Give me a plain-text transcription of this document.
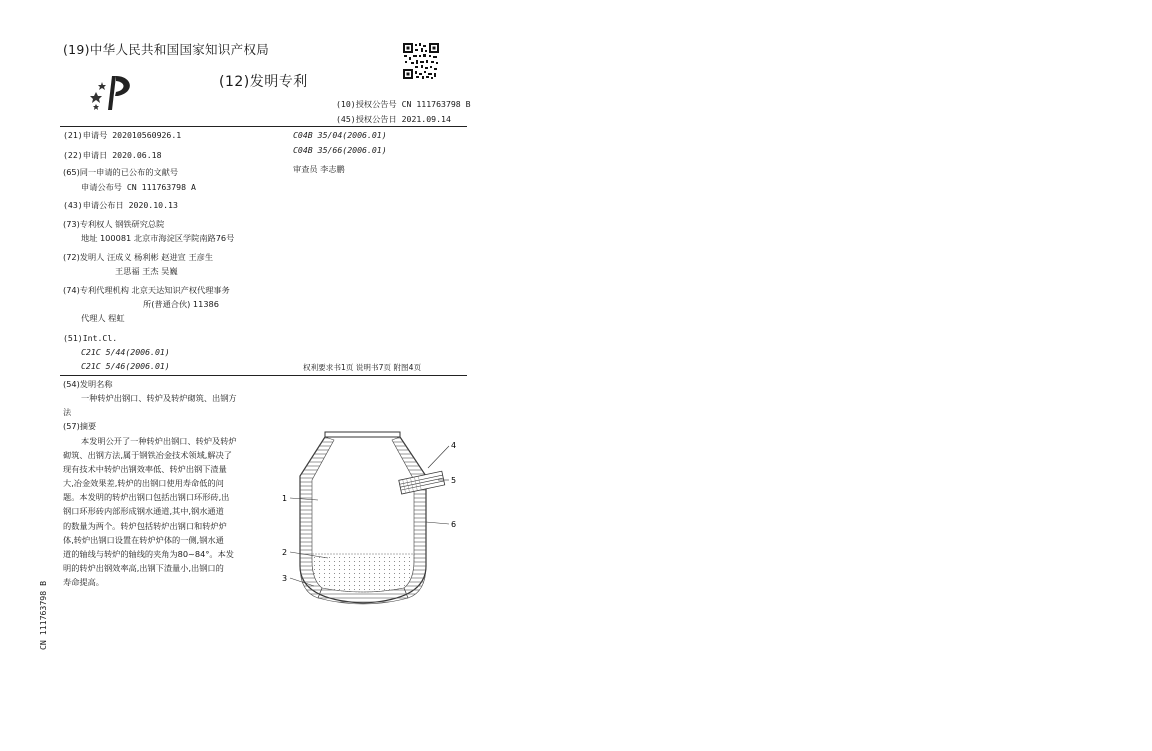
(19)中华人民共和国国家知识产权局
(12)发明专利
(10)授权公告号 CN 111763798 B
(45)授权公告日 2021.09.14
(21)申请号 202010560926.1
(22)申请日 2020.06.18
(65)同一申请的已公布的文献号
申请公布号 CN 111763798 A
(43)申请公布日 2020.10.13
(73)专利权人 钢铁研究总院
地址 100081 北京市海淀区学院南路76号
(72)发明人 汪成义 杨利彬 赵进宣 王彦生
王思福 王杰 吴巍
(74)专利代理机构 北京天达知识产权代理事务
所(普通合伙) 11386
代理人 程虹
(51)Int.Cl.
C21C 5/44(2006.01)
C21C 5/46(2006.01)
C04B 35/04(2006.01)
C04B 35/66(2006.01)
审查员 李志鹏
权利要求书1页 说明书7页 附图4页
(54)发明名称
一种转炉出钢口、转炉及转炉砌筑、出钢方
法
(57)摘要
本发明公开了一种转炉出钢口、转炉及转炉
砌筑、出钢方法,属于钢铁冶金技术领域,解决了
现有技术中转炉出钢效率低、转炉出钢下渣量
大,冶金效果差,转炉的出钢口使用寿命低的问
题。本发明的转炉出钢口包括出钢口环形砖,出
钢口环形砖内部形成钢水通道,其中,钢水通道
的数量为两个。转炉包括转炉出钢口和转炉炉
体,转炉出钢口设置在转炉炉体的一侧,钢水通
道的轴线与转炉的轴线的夹角为80~84°。本发
明的转炉出钢效率高,出钢下渣量小,出钢口的
寿命提高。
1
2
3
4
5
6
CN 111763798 B
